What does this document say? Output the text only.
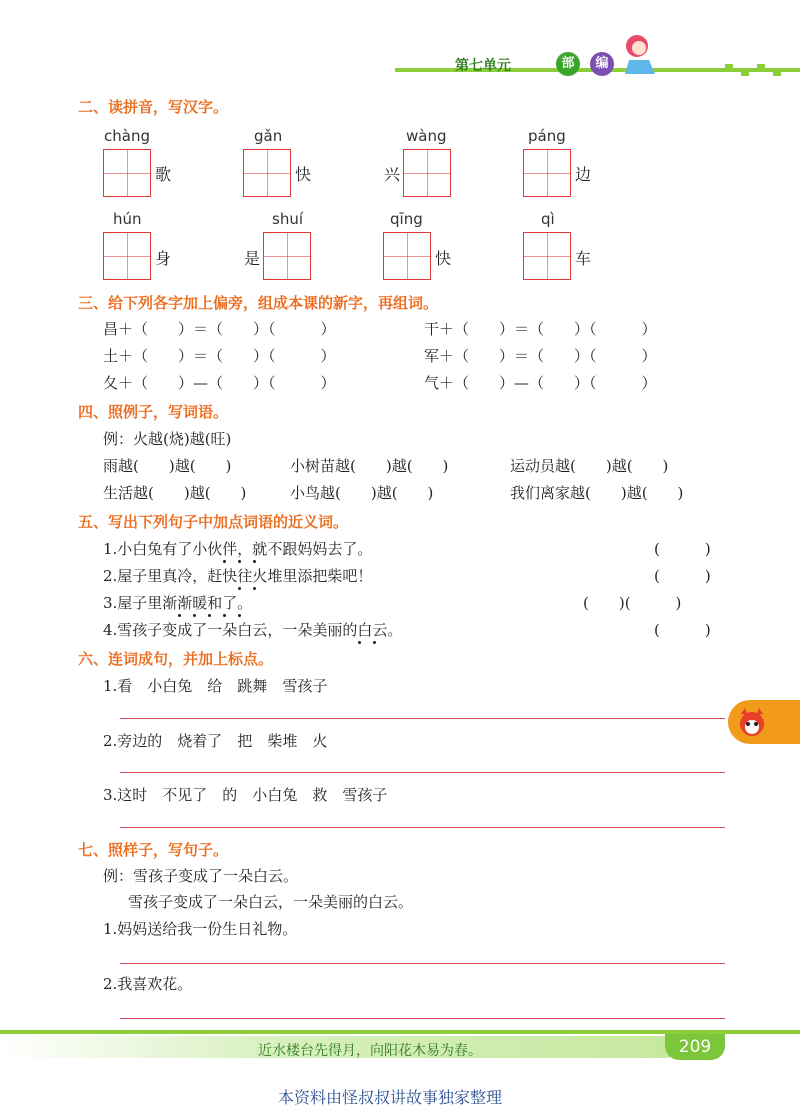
第七单元	部	编
二、读拼音，写汉字。
chàng
歌
gǎn
快
wàng
兴
páng
边
hún
身
shuí
是
qīng
快
qì
车
三、给下列各字加上偏旁，组成本课的新字，再组词。
昌＋（　　）＝（　　）（　　　）	干＋（　　）＝（　　）（　　　）
土＋（　　）＝（　　）（　　　）	军＋（　　）＝（　　）（　　　）
夂＋（　　）—（　　）（　　　）	气＋（　　）—（　　）（　　　）
四、照例子，写词语。
例：火越(烧)越(旺)
雨越(　　)越(　　)	小树苗越(　　)越(　　)	运动员越(　　)越(　　)
生活越(　　)越(　　)	小鸟越(　　)越(　　)	我们离家越(　　)越(　　)
五、写出下列句子中加点词语的近义词。
1.小白兔有了小伙伴，就不跟妈妈去了。	(　　　)
2.屋子里真冷，赶快往火堆里添把柴吧！	(　　　)
3.屋子里渐渐暖和了。	(　　)(　　　)
4.雪孩子变成了一朵白云，一朵美丽的白云。	(　　　)
六、连词成句，并加上标点。
1.看　小白兔　给　跳舞　雪孩子
2.旁边的　烧着了　把　柴堆　火
3.这时　不见了　的　小白兔　救　雪孩子
七、照样子，写句子。
例：雪孩子变成了一朵白云。
雪孩子变成了一朵白云，一朵美丽的白云。
1.妈妈送给我一份生日礼物。
2.我喜欢花。
近水楼台先得月，向阳花木易为春。	209
本资料由怪叔叔讲故事独家整理
